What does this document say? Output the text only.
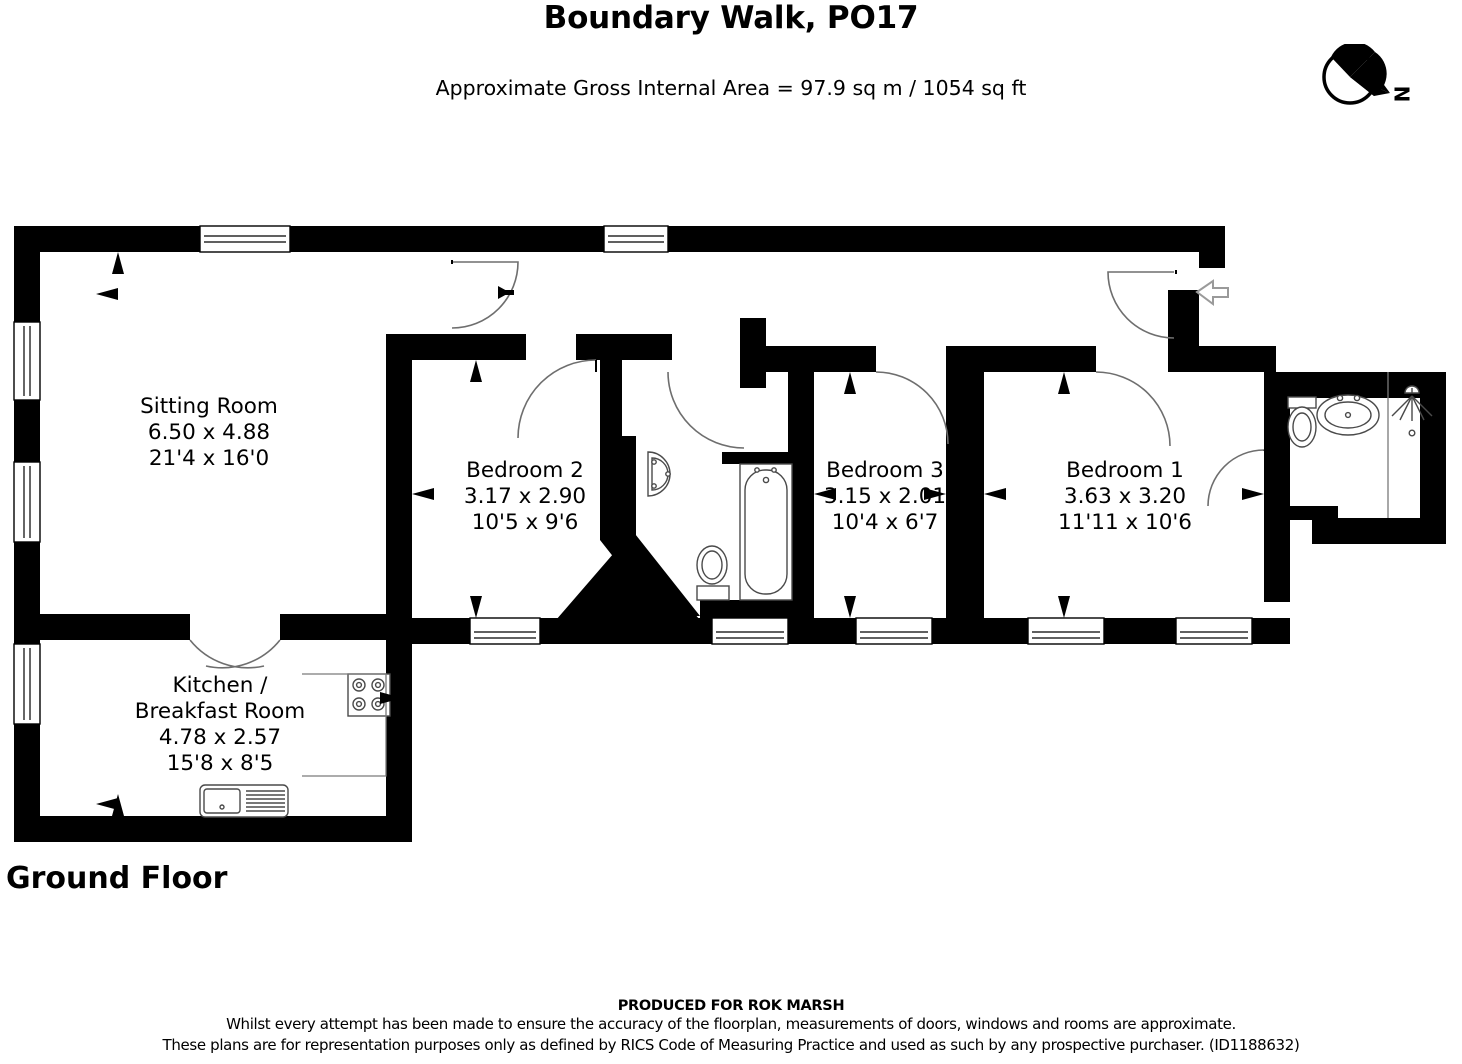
Boundary Walk, PO17
Approximate Gross Internal Area = 97.9 sq m / 1054 sq ft	N
Sitting Room
6.50 x 4.88
21'4 x 16'0
Kitchen /
Breakfast Room
4.78 x 2.57
15'8 x 8'5
Bedroom 2
3.17 x 2.90
10'5 x 9'6
Bedroom 3
3.15 x 2.01
10'4 x 6'7
Bedroom 1
3.63 x 3.20
11'11 x 10'6
Ground Floor
PRODUCED FOR ROK MARSH
Whilst every attempt has been made to ensure the accuracy of the floorplan, measurements of doors, windows and rooms are approximate.
These plans are for representation purposes only as defined by RICS Code of Measuring Practice and used as such by any prospective purchaser. (ID1188632)
